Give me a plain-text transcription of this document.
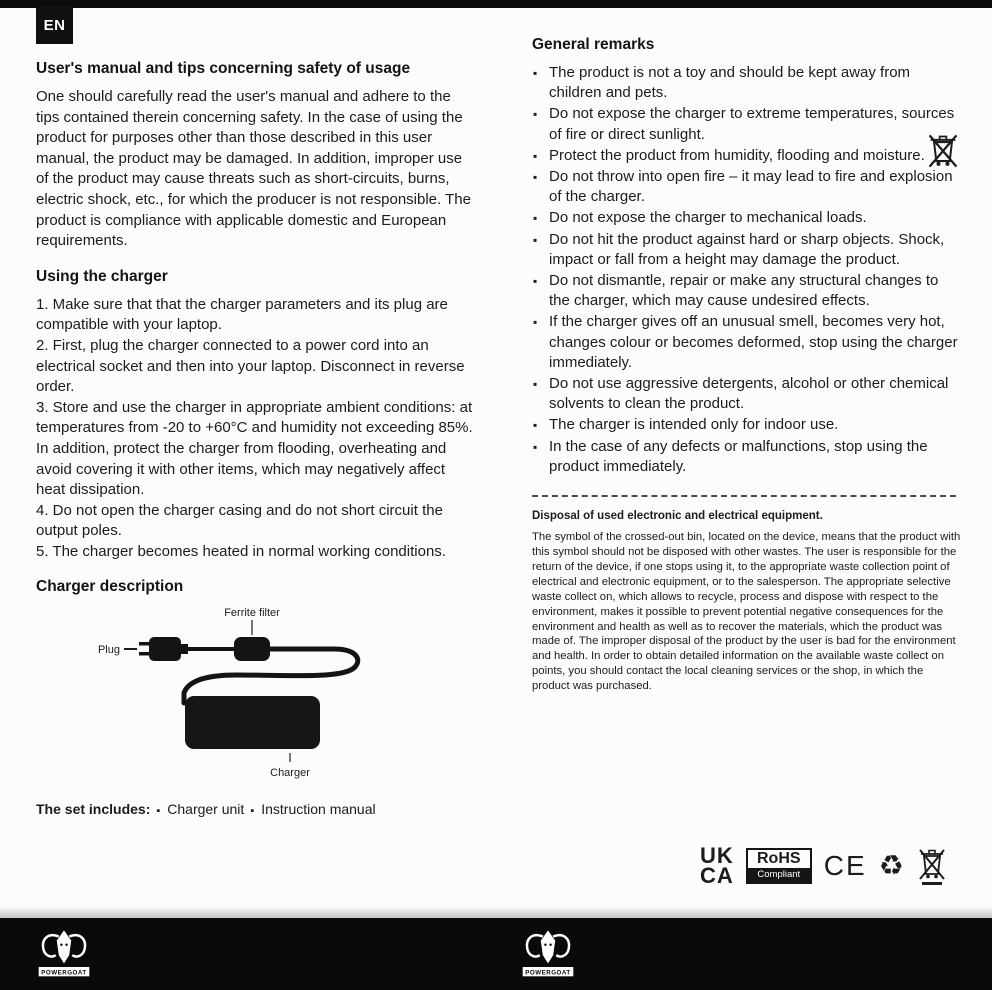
EN
User's manual and tips concerning safety of usage

One should carefully read the user's manual and adhere to the tips contained therein concerning safety. In the case of using the product for purposes other than those described in this user manual, the product may be damaged. In addition, improper use of the product may cause threats such as short-circuits, burns, electric shock, etc., for which the producer is not responsible. The product is compliance with applicable domestic and European requirements.

Using the charger
1. Make sure that that the charger parameters and its plug are compatible with your laptop.
2. First, plug the charger connected to a power cord into an electrical socket and then into your laptop. Disconnect in reverse order.
3. Store and use the charger in appropriate ambient conditions: at temperatures from -20 to +60°C and humidity not exceeding 85%. In addition, protect the charger from flooding, overheating and avoid covering it with other items, which may negatively affect heat dissipation.
4. Do not open the charger casing and do not short circuit the output poles.
5. The charger becomes heated in normal working conditions.
Charger description
Ferrite filter
Plug
Charger
The set includes: ▪ Charger unit ▪ Instruction manual
General remarks
▪ The product is not a toy and should be kept away from children and pets.
▪ Do not expose the charger to extreme temperatures, sources of fire or direct sunlight.
▪ Protect the product from humidity, flooding and moisture.
▪ Do not throw into open fire – it may lead to fire and explosion of the charger.
▪ Do not expose the charger to mechanical loads.
▪ Do not hit the product against hard or sharp objects. Shock, impact or fall from a height may damage the product.
▪ Do not dismantle, repair or make any structural changes to the charger, which may cause undesired effects.
▪ If the charger gives off an unusual smell, becomes very hot, changes colour or becomes deformed, stop using the charger immediately.
▪ Do not use aggressive detergents, alcohol or other chemical solvents to clean the product.
▪ The charger is intended only for indoor use.
▪ In the case of any defects or malfunctions, stop using the product immediately.
Disposal of used electronic and electrical equipment.

The symbol of the crossed-out bin, located on the device, means that the product with this symbol should not be disposed with other wastes. The user is responsible for the return of the device, if one stops using it, to the appropriate waste collection point of electrical and electronic equipment, or to the salesperson. The appropriate selective waste collect on, which allows to recycle, process and dispose with respect to the environment, makes it possible to prevent potential negative consequences for the environment and health as well as to recover the materials, which the product was made of. The improper disposal of the product by the user is bad for the environment and health. In order to obtain detailed information on the available waste collect on points, you should contact the local cleaning services or the shop, in which the product was purchased.

UK
CA
RoHS
Compliant CE ♻
POWERGOAT	POWERGOAT
